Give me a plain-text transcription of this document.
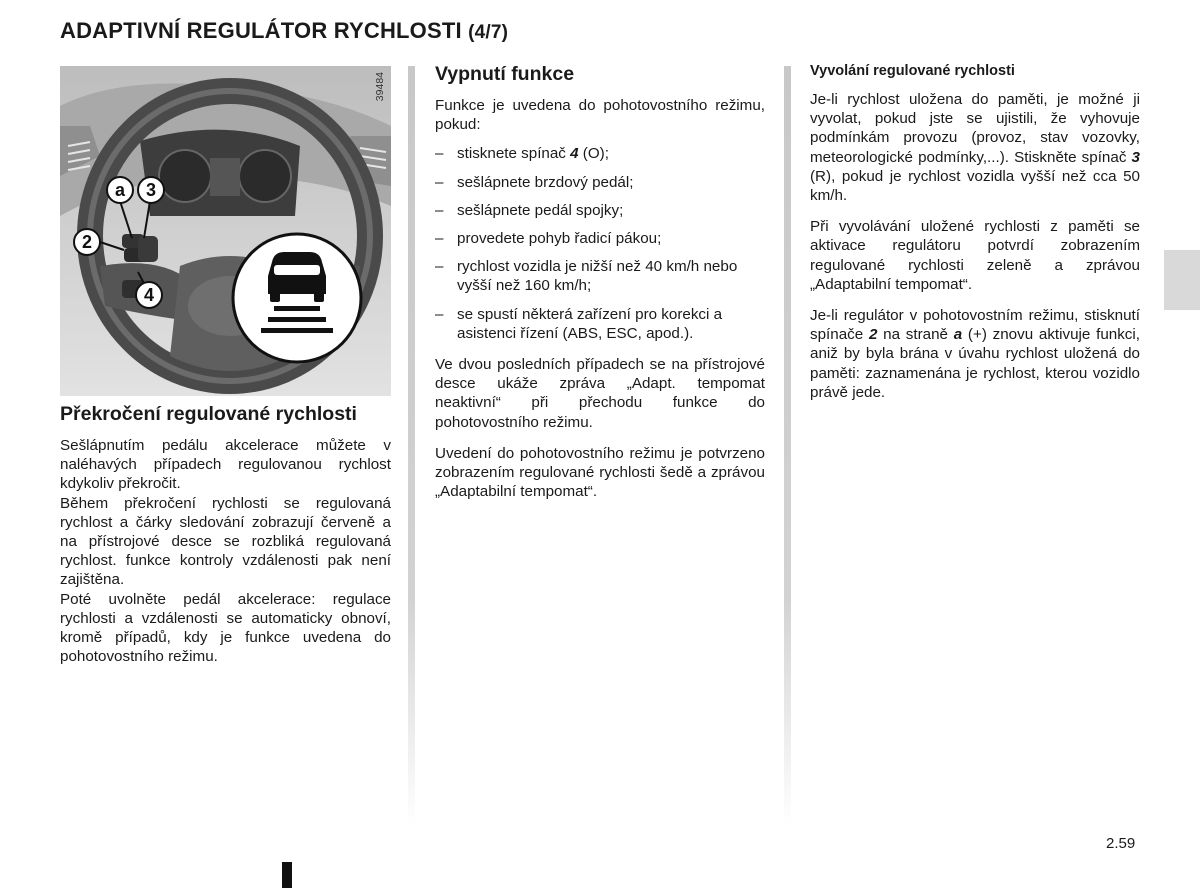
ADAPTIVNÍ REGULÁTOR RYCHLOSTI (4/7)
a 3
2
4
39484
Překročení regulované rychlosti

Sešlápnutím pedálu akcelerace můžete v naléhavých případech regulovanou rychlost kdykoliv překročit.

Během překročení rychlosti se regulovaná rychlost a čárky sledování zobrazují červeně a na přístrojové desce se rozbliká regulovaná rychlost. funkce kontroly vzdálenosti pak není zajištěna.

Poté uvolněte pedál akcelerace: regulace rychlosti a vzdálenosti se automaticky obnoví, kromě případů, kdy je funkce uvedena do pohotovostního režimu.

Vypnutí funkce

Funkce je uvedena do pohotovostního režimu, pokud:

– stisknete spínač 4 (O);
– sešlápnete brzdový pedál;
– sešlápnete pedál spojky;
– provedete pohyb řadicí pákou;
– rychlost vozidla je nižší než 40 km/h nebo vyšší než 160 km/h;
– se spustí některá zařízení pro korekci a asistenci řízení (ABS, ESC, apod.).

Ve dvou posledních případech se na přístrojové desce ukáže zpráva „Adapt. tempomat neaktivní“ při přechodu funkce do pohotovostního režimu.

Uvedení do pohotovostního režimu je potvrzeno zobrazením regulované rychlosti šedě a zprávou „Adaptabilní tempomat“.

Vyvolání regulované rychlosti

Je-li rychlost uložena do paměti, je možné ji vyvolat, pokud jste se ujistili, že vyhovuje podmínkám provozu (provoz, stav vozovky, meteorologické podmínky,...). Stiskněte spínač 3 (R), pokud je rychlost vozidla vyšší než cca 50 km/h.

Při vyvolávání uložené rychlosti z paměti se aktivace regulátoru potvrdí zobrazením regulované rychlosti zeleně a zprávou „Adaptabilní tempomat“.

Je-li regulátor v pohotovostním režimu, stisknutí spínače 2 na straně a (+) znovu aktivuje funkci, aniž by byla brána v úvahu rychlost uložená do paměti: zaznamenána je rychlost, kterou vozidlo právě jede.

2.59
